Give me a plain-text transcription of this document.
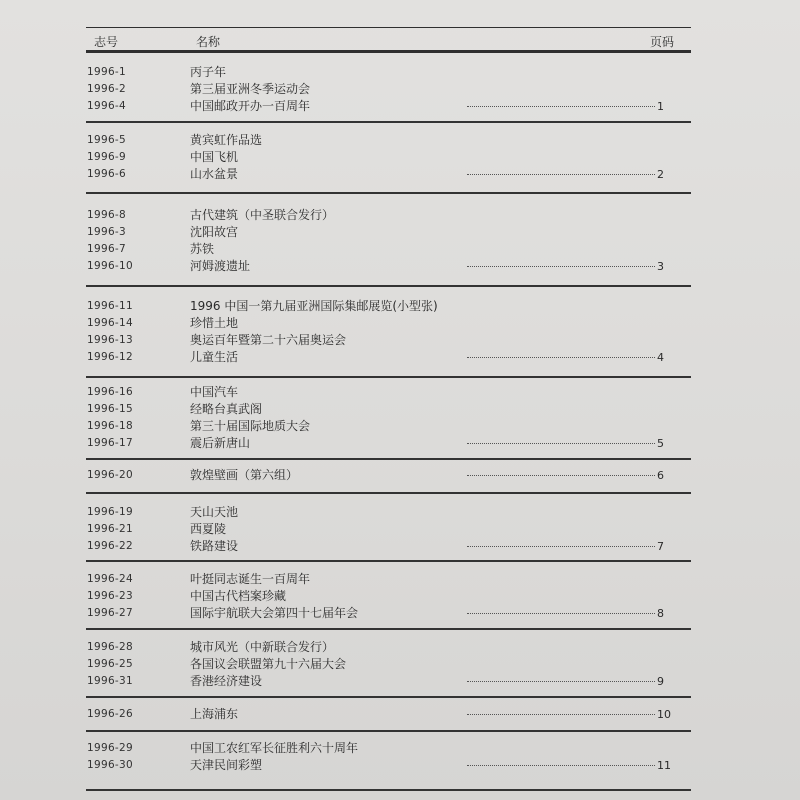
志号	名称	页码
1996-1	丙子年
1996-2	第三届亚洲冬季运动会
1996-4	中国邮政开办一百周年	1
1996-5	黄宾虹作品选
1996-9	中国飞机
1996-6	山水盆景	2
1996-8	古代建筑（中圣联合发行）
1996-3	沈阳故宫
1996-7	苏铁
1996-10	河姆渡遗址	3
1996-11	1996 中国一第九届亚洲国际集邮展览(小型张)
1996-14	珍惜土地
1996-13	奥运百年暨第二十六届奥运会
1996-12	儿童生活	4
1996-16	中国汽车
1996-15	经略台真武阁
1996-18	第三十届国际地质大会
1996-17	震后新唐山	5
1996-20	敦煌壁画（第六组）	6
1996-19	天山天池
1996-21	西夏陵
1996-22	铁路建设	7
1996-24	叶挺同志诞生一百周年
1996-23	中国古代档案珍藏
1996-27	国际宇航联大会第四十七届年会	8
1996-28	城市风光（中新联合发行）
1996-25	各国议会联盟第九十六届大会
1996-31	香港经济建设	9
1996-26	上海浦东	10
1996-29	中国工农红军长征胜利六十周年
1996-30	天津民间彩塑	11
